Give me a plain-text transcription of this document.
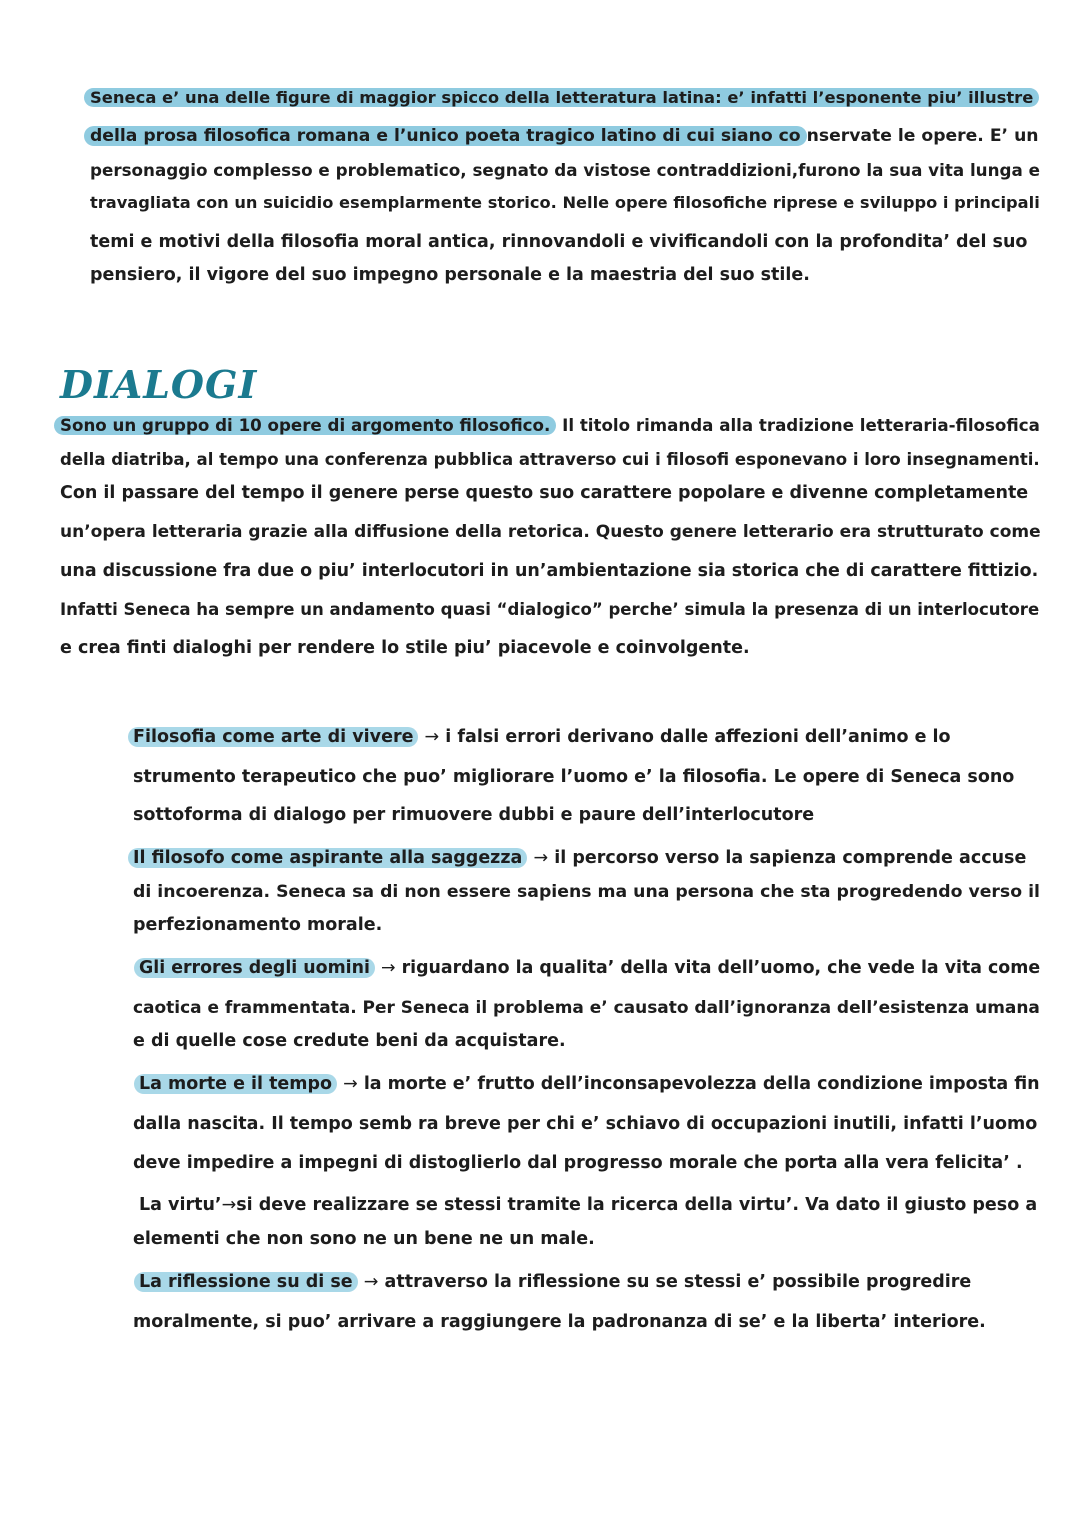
Seneca e’ una delle figure di maggior spicco della letteratura latina: e’ infatti l’esponente piu’ illustre
della prosa filosofica romana e l’unico poeta tragico latino di cui siano co nservate le opere. E’ un
personaggio complesso e problematico, segnato da vistose contraddizioni,furono la sua vita lunga e
travagliata con un suicidio esemplarmente storico. Nelle opere filosofiche riprese e sviluppo i principali
temi e motivi della filosofia moral antica, rinnovandoli e vivificandoli con la profondita’ del suo
pensiero, il vigore del suo impegno personale e la maestria del suo stile.
DIALOGI
Sono un gruppo di 10 opere di argomento filosofico. Il titolo rimanda alla tradizione letteraria-filosofica
della diatriba, al tempo una conferenza pubblica attraverso cui i filosofi esponevano i loro insegnamenti.
Con il passare del tempo il genere perse questo suo carattere popolare e divenne completamente
un’opera letteraria grazie alla diffusione della retorica. Questo genere letterario era strutturato come
una discussione fra due o piu’ interlocutori in un’ambientazione sia storica che di carattere fittizio.
Infatti Seneca ha sempre un andamento quasi “dialogico” perche’ simula la presenza di un interlocutore
e crea finti dialoghi per rendere lo stile piu’ piacevole e coinvolgente.
Filosofia come arte di vivere → i falsi errori derivano dalle affezioni dell’animo e lo
strumento terapeutico che puo’ migliorare l’uomo e’ la filosofia. Le opere di Seneca sono
sottoforma di dialogo per rimuovere dubbi e paure dell’interlocutore
Il filosofo come aspirante alla saggezza → il percorso verso la sapienza comprende accuse
di incoerenza. Seneca sa di non essere sapiens ma una persona che sta progredendo verso il
perfezionamento morale.
Gli errores degli uomini → riguardano la qualita’ della vita dell’uomo, che vede la vita come
caotica e frammentata. Per Seneca il problema e’ causato dall’ignoranza dell’esistenza umana
e di quelle cose credute beni da acquistare.
La morte e il tempo → la morte e’ frutto dell’inconsapevolezza della condizione imposta fin
dalla nascita. Il tempo semb ra breve per chi e’ schiavo di occupazioni inutili, infatti l’uomo
deve impedire a impegni di distoglierlo dal progresso morale che porta alla vera felicita’ .
La virtu’→si deve realizzare se stessi tramite la ricerca della virtu’. Va dato il giusto peso a
elementi che non sono ne un bene ne un male.
La riflessione su di se → attraverso la riflessione su se stessi e’ possibile progredire
moralmente, si puo’ arrivare a raggiungere la padronanza di se’ e la liberta’ interiore.
